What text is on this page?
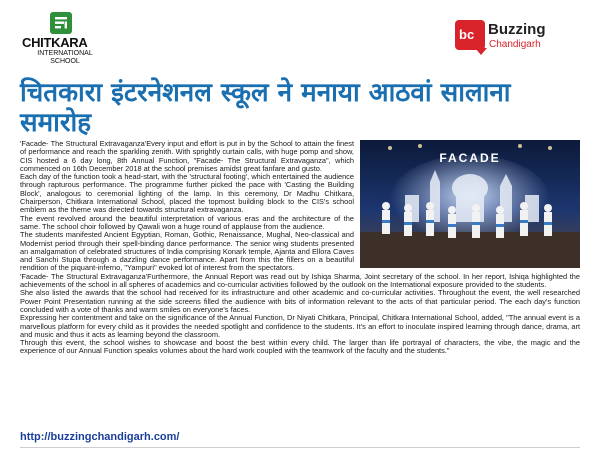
CHITKARA
INTERNATIONAL SCHOOL
bc Buzzing
Chandigarh
चितकारा इंटरनेशनल स्कूल ने मनाया आठवां सालाना समारोह
FACADE

'Facade- The Structural Extravaganza'Every input and effort is put in by the School to attain the finest of performance and reach the sparkling zenith. With sprightly curtain calls, with huge pomp and show, CIS hosted a 6 day long, 8th Annual Function, "Facade- The Structural Extravaganza", which commenced on 16th December 2018 at the school premises amidst great fanfare and gusto.

Each day of the function took a head-start, with the 'structural footing', which entertained the audience through rapturous performance. The programme further picked the pace with 'Casting the Building Block', analogous to ceremonial lighting of the lamp. In this ceremony, Dr Madhu Chitkara, Chairperson, Chitkara International School, placed the topmost building block to the CIS's school emblem as the theme was directed towards structural extravaganza.

The event revolved around the beautiful interpretation of various eras and the architecture of the same. The school choir followed by Qawali won a huge round of applause from the audience.

The students manifested Ancient Egyptian, Roman, Gothic, Renaissance, Mughal, Neo-classical and Modernist period through their spell-binding dance performance. The senior wing students presented an amalgamation of celebrated structures of India comprising Konark temple, Ajanta and Ellora Caves and Sanchi Stupa through a dazzling dance performance. Apart from this the fillers on a beautiful rendition of the piquant-inferno, "Yampuri" evoked lot of interest from the spectators.

'Facade- The Structural Extravaganza'Furthermore, the Annual Report was read out by Ishiqa Sharma, Joint secretary of the school. In her report, Ishiqa highlighted the achievements of the school in all spheres of academics and co-curricular activities followed by the outlook on the International exposure provided to the students.

She also listed the awards that the school had received for its infrastructure and other academic and co-curricular activities. Throughout the event, the well researched Power Point Presentation running at the side screens filled the audience with bits of information relevant to the acts of that particular period. The each day's function concluded with a vote of thanks and warm smiles on everyone's faces.

Expressing her contentment and take on the significance of the Annual Function, Dr Niyati Chitkara, Principal, Chitkara International School, added, "The annual event is a marvellous platform for every child as it provides the needed spotlight and confidence to the students. It's an effort to inoculate inspired learning through dance, drama, art and music and thus it acts as learning beyond the classroom.

Through this event, the school wishes to showcase and boost the best within every child. The larger than life portrayal of characters, the vibe, the magic and the experience of our Annual Function speaks volumes about the hard work coupled with the teamwork of the faculty and the students."

http://buzzingchandigarh.com/
